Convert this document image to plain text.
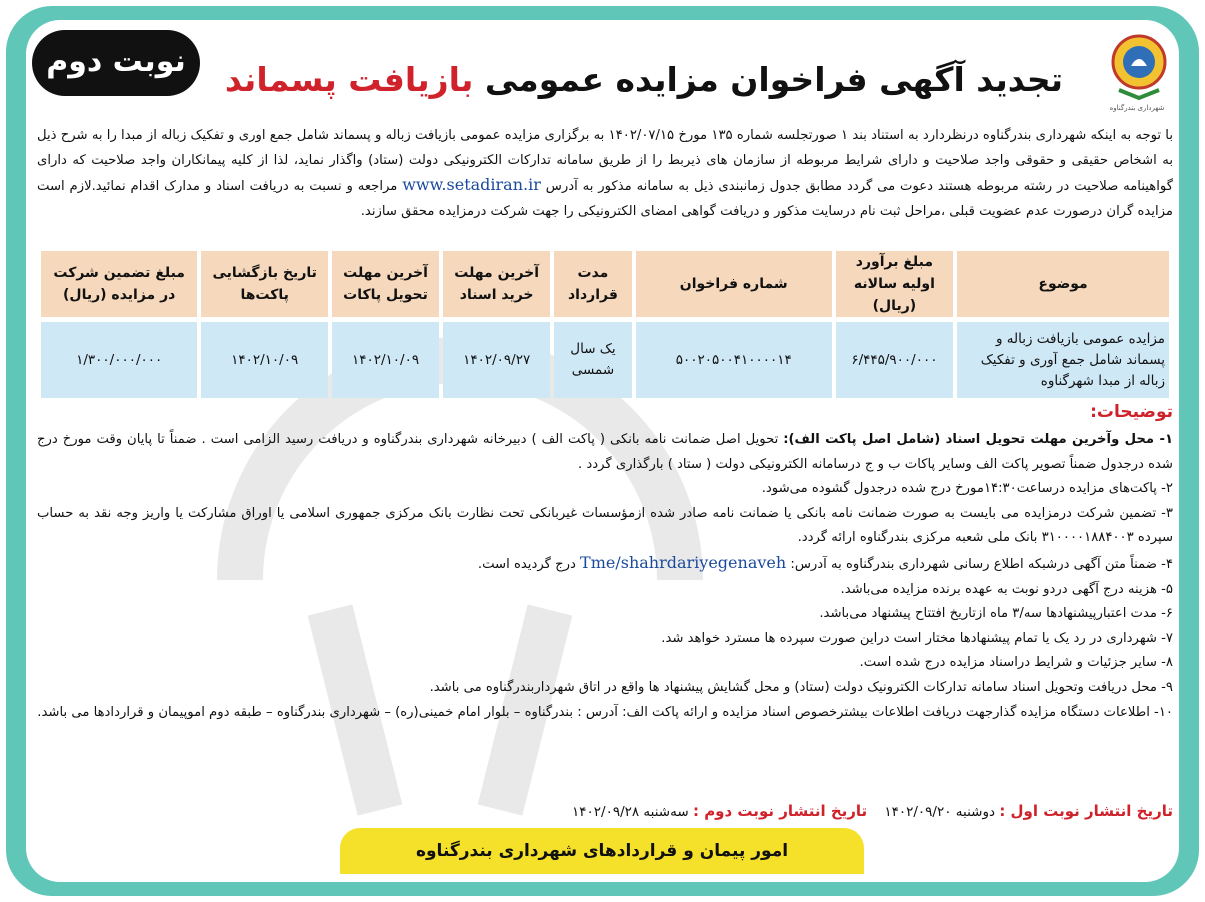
شهرداری بندرگناوه
تجدید آگهی فراخوان مزایده عمومی بازیافت پسماند
نوبت دوم
با توجه به اینکه شهرداری بندرگناوه درنظردارد به استناد بند ۱ صورتجلسه شماره ۱۳۵ مورخ ۱۴۰۲/۰۷/۱۵ به برگزاری مزایده عمومی بازیافت زباله و پسماند شامل جمع اوری و تفکیک زباله از مبدا را به شرح ذیل به اشخاص حقیقی و حقوقی واجد صلاحیت و دارای شرایط مربوطه از سازمان های ذیربط را از طریق سامانه تدارکات الکترونیکی دولت (ستاد) واگذار نماید، لذا از کلیه پیمانکاران واجد صلاحیت که دارای گواهینامه صلاحیت در رشته مربوطه هستند دعوت می گردد مطابق جدول زمانبندی ذیل به سامانه مذکور به آدرس www.setadiran.ir مراجعه و نسبت به دریافت اسناد و مدارک اقدام نمائید.لازم است مزایده گران درصورت عدم عضویت قبلی ،مراحل ثبت نام درسایت مذکور و دریافت گواهی امضای الکترونیکی را جهت شرکت درمزایده محقق سازند.
موضوع	مبلغ برآورد اولیه سالانه (ریال)	شماره فراخوان	مدت قرارداد	آخرین مهلت خرید اسناد	آخرین مهلت تحویل پاکات	تاریخ بازگشایی پاکت‌ها	مبلغ تضمین شرکت در مزایده (ریال)
مزایده عمومی بازیافت زباله و پسماند شامل جمع آوری و تفکیک زباله از مبدا شهرگناوه	۶/۴۴۵/۹۰۰/۰۰۰	۵۰۰۲۰۵۰۰۴۱۰۰۰۰۱۴	یک سال شمسی	۱۴۰۲/۰۹/۲۷	۱۴۰۲/۱۰/۰۹	۱۴۰۲/۱۰/۰۹	۱/۳۰۰/۰۰۰/۰۰۰
توضیحات:

۱- محل وآخرین مهلت تحویل اسناد (شامل اصل پاکت الف): تحویل اصل ضمانت نامه بانکی ( پاکت الف ) دبیرخانه شهرداری بندرگناوه و دریافت رسید الزامی است . ضمناً تا پایان وقت مورخ درج شده درجدول ضمناً تصویر پاکت الف وسایر پاکات ب و ج درسامانه الکترونیکی دولت ( ستاد ) بارگذاری گردد .

۲- پاکت‌های مزایده درساعت۱۴:۳۰مورخ درج شده درجدول گشوده می‌شود.

۳- تضمین شرکت درمزایده می بایست به صورت ضمانت نامه بانکی یا ضمانت نامه صادر شده ازمؤسسات غیربانکی تحت نظارت بانک مرکزی جمهوری اسلامی یا اوراق مشارکت یا واریز وجه نقد به حساب سپرده ۳۱۰۰۰۰۱۸۸۴۰۰۳ بانک ملی شعبه مرکزی بندرگناوه ارائه گردد.

۴- ضمناً متن آگهی درشبکه اطلاع رسانی شهرداری بندرگناوه به آدرس: Tme/shahrdariyegenaveh درج گردیده است.

۵- هزینه درج آگهی دردو نوبت به عهده برنده مزایده می‌باشد.

۶- مدت اعتبارپیشنهادها سه/۳ ماه ازتاریخ افتتاح پیشنهاد می‌باشد.

۷- شهرداری در رد یک یا تمام پیشنهادها مختار است دراین صورت سپرده ها مسترد خواهد شد.

۸- سایر جزئیات و شرایط دراسناد مزایده درج شده است.

۹- محل دریافت وتحویل اسناد سامانه تدارکات الکترونیک دولت (ستاد) و محل گشایش پیشنهاد ها واقع در اتاق شهرداربندرگناوه می باشد.

۱۰- اطلاعات دستگاه مزایده گذارجهت دریافت اطلاعات بیشترخصوص اسناد مزایده و ارائه پاکت الف: آدرس : بندرگناوه – بلوار امام خمینی(ره) – شهرداری بندرگناوه – طبقه دوم اموپیمان و قراردادها می باشد.

تاریخ انتشار نوبت اول : دوشنبه ۱۴۰۲/۰۹/۲۰    تاریخ انتشار نوبت دوم : سه‌شنبه ۱۴۰۲/۰۹/۲۸
امور پیمان و قراردادهای شهرداری بندرگناوه
